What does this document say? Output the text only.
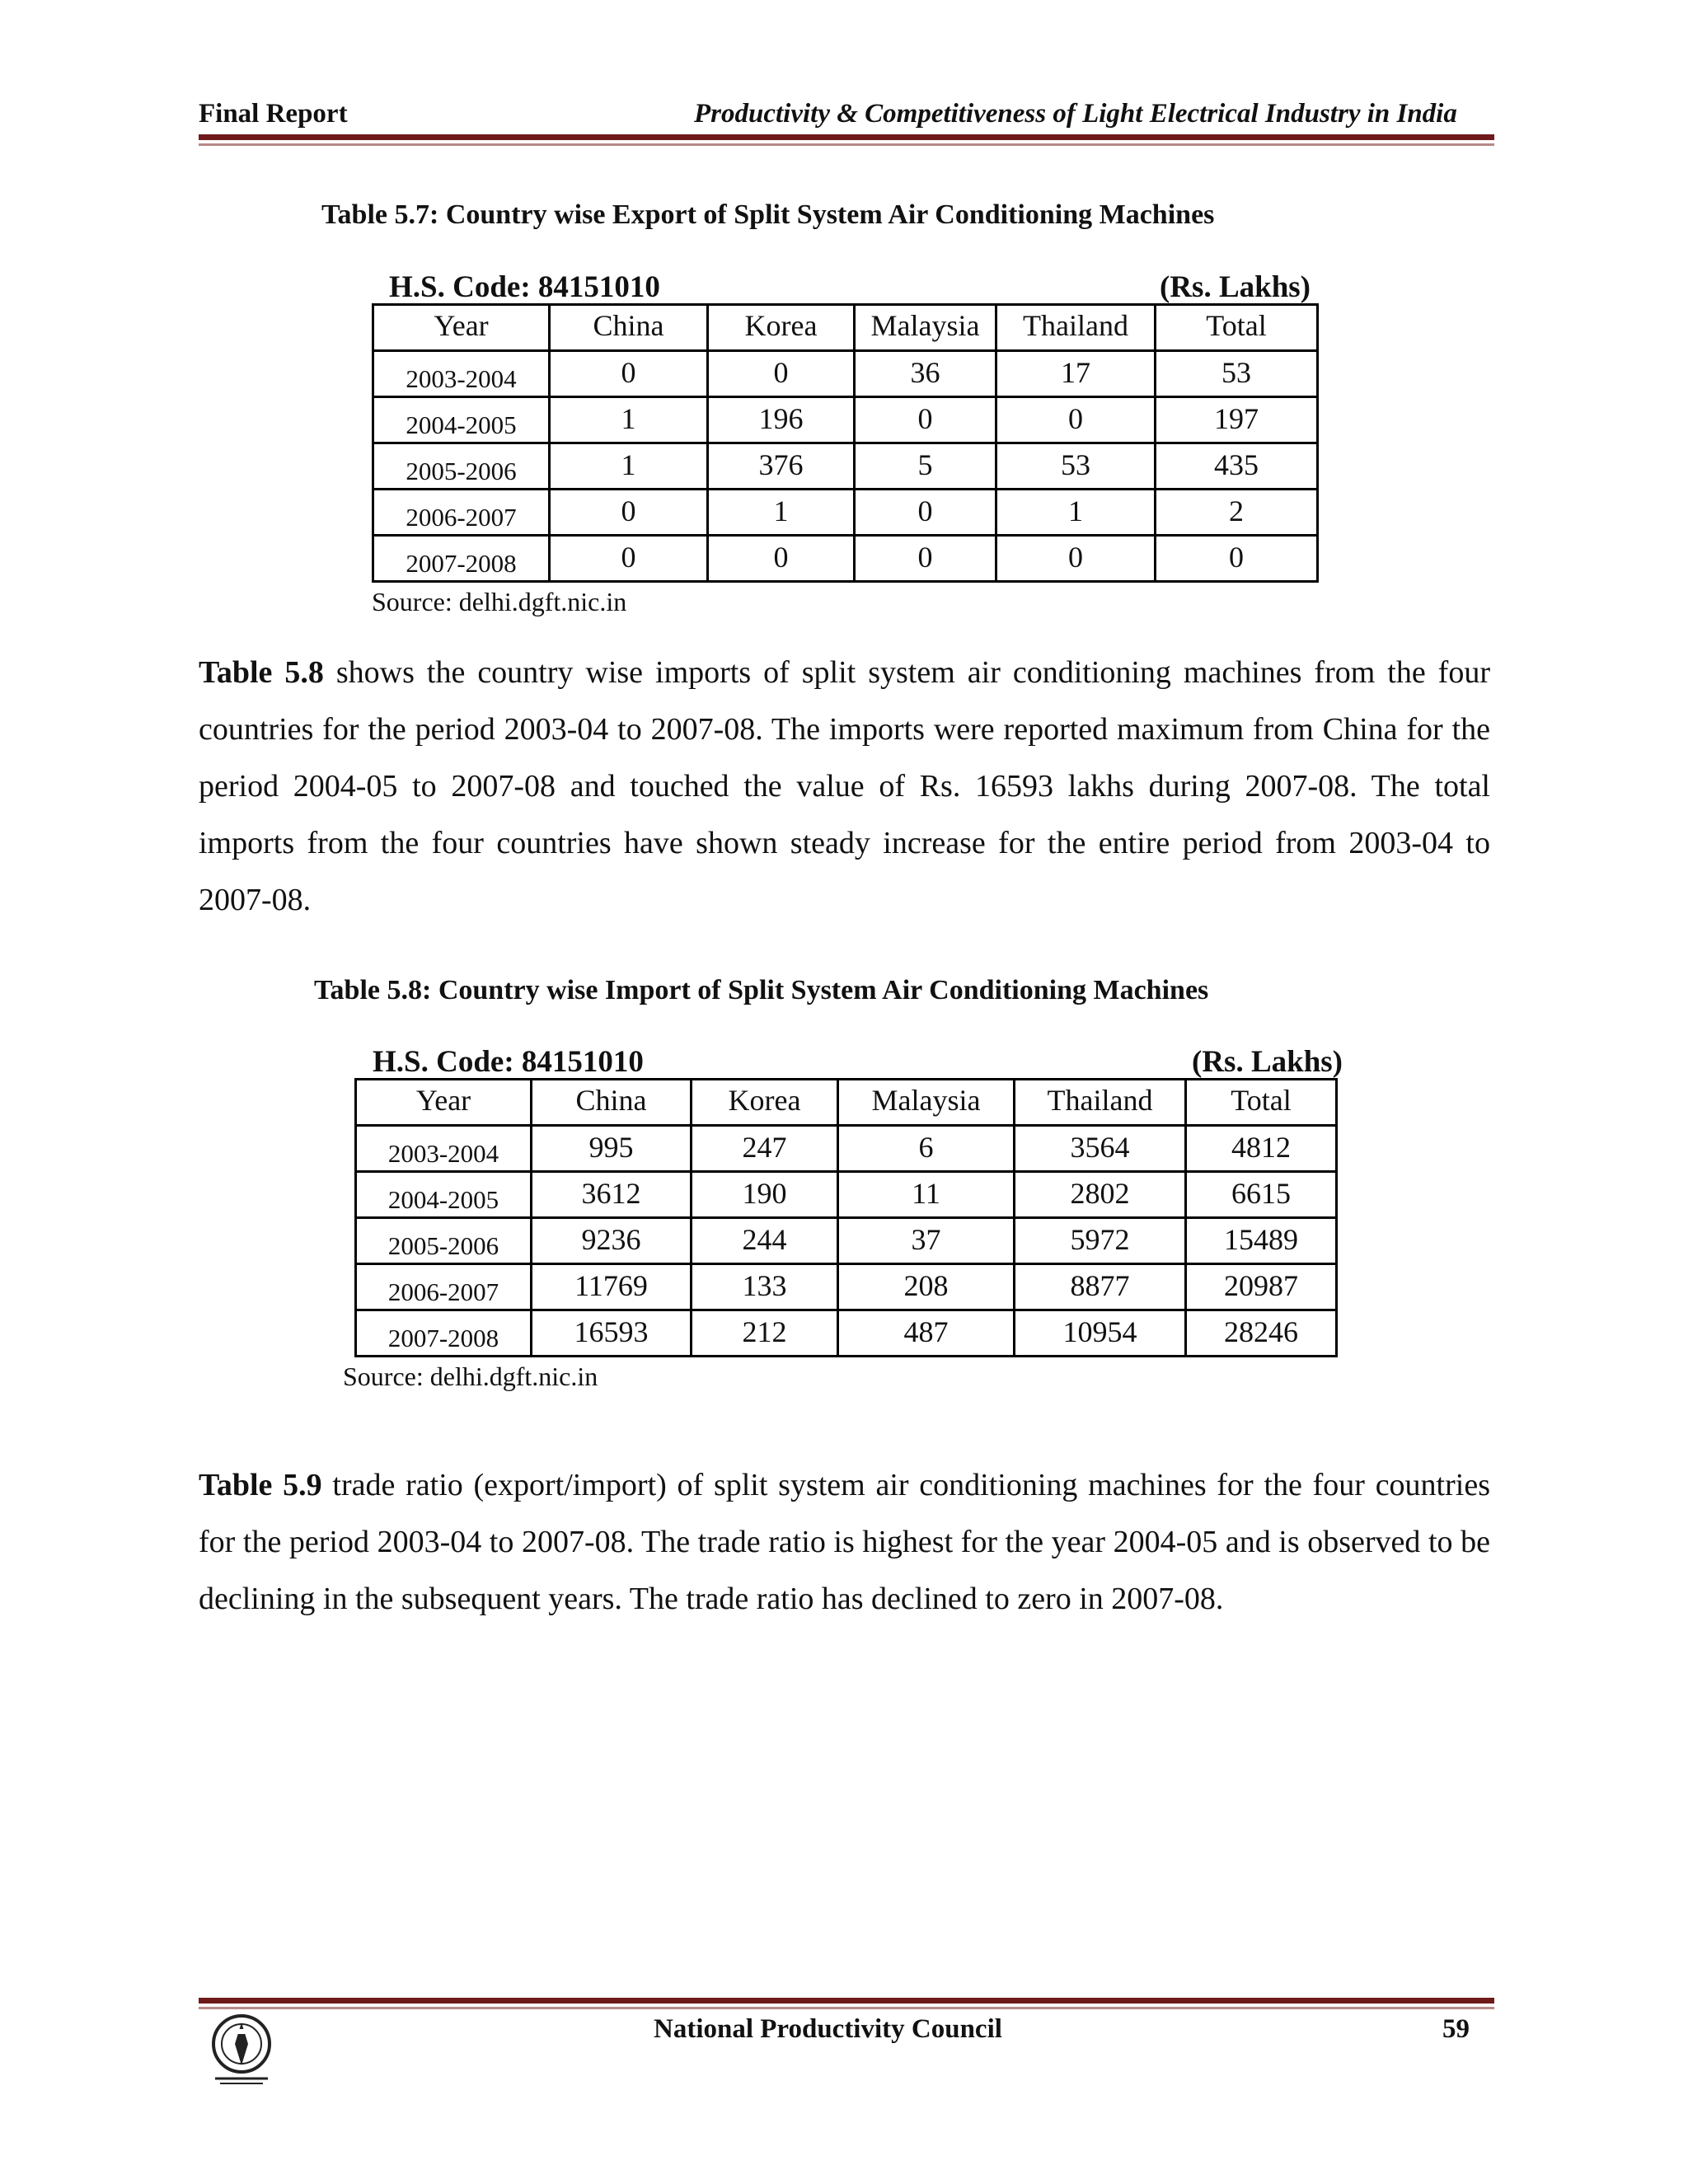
Final Report	Productivity & Competitiveness of Light Electrical Industry in India
Table 5.7: Country wise Export of Split System Air Conditioning Machines
H.S. Code: 84151010	(Rs. Lakhs)
Year	China	Korea	Malaysia	Thailand	Total
2003-2004	0	0	36	17	53
2004-2005	1	196	0	0	197
2005-2006	1	376	5	53	435
2006-2007	0	1	0	1	2
2007-2008	0	0	0	0	0
Source: delhi.dgft.nic.in
Table 5.8 shows the country wise imports of split system air conditioning machines from the four countries for the period 2003-04 to 2007-08. The imports were reported maximum from China for the period 2004-05 to 2007-08 and touched the value of Rs. 16593 lakhs during 2007-08. The total imports from the four countries have shown steady increase for the entire period from 2003-04 to 2007-08.
Table 5.8: Country wise Import of Split System Air Conditioning Machines
H.S. Code: 84151010	(Rs. Lakhs)
Year	China	Korea	Malaysia	Thailand	Total
2003-2004	995	247	6	3564	4812
2004-2005	3612	190	11	2802	6615
2005-2006	9236	244	37	5972	15489
2006-2007	11769	133	208	8877	20987
2007-2008	16593	212	487	10954	28246
Source: delhi.dgft.nic.in
Table 5.9 trade ratio (export/import) of split system air conditioning machines for the four countries for the period 2003-04 to 2007-08. The trade ratio is highest for the year 2004-05 and is observed to be declining in the subsequent years. The trade ratio has declined to zero in 2007-08.
National Productivity Council	59
